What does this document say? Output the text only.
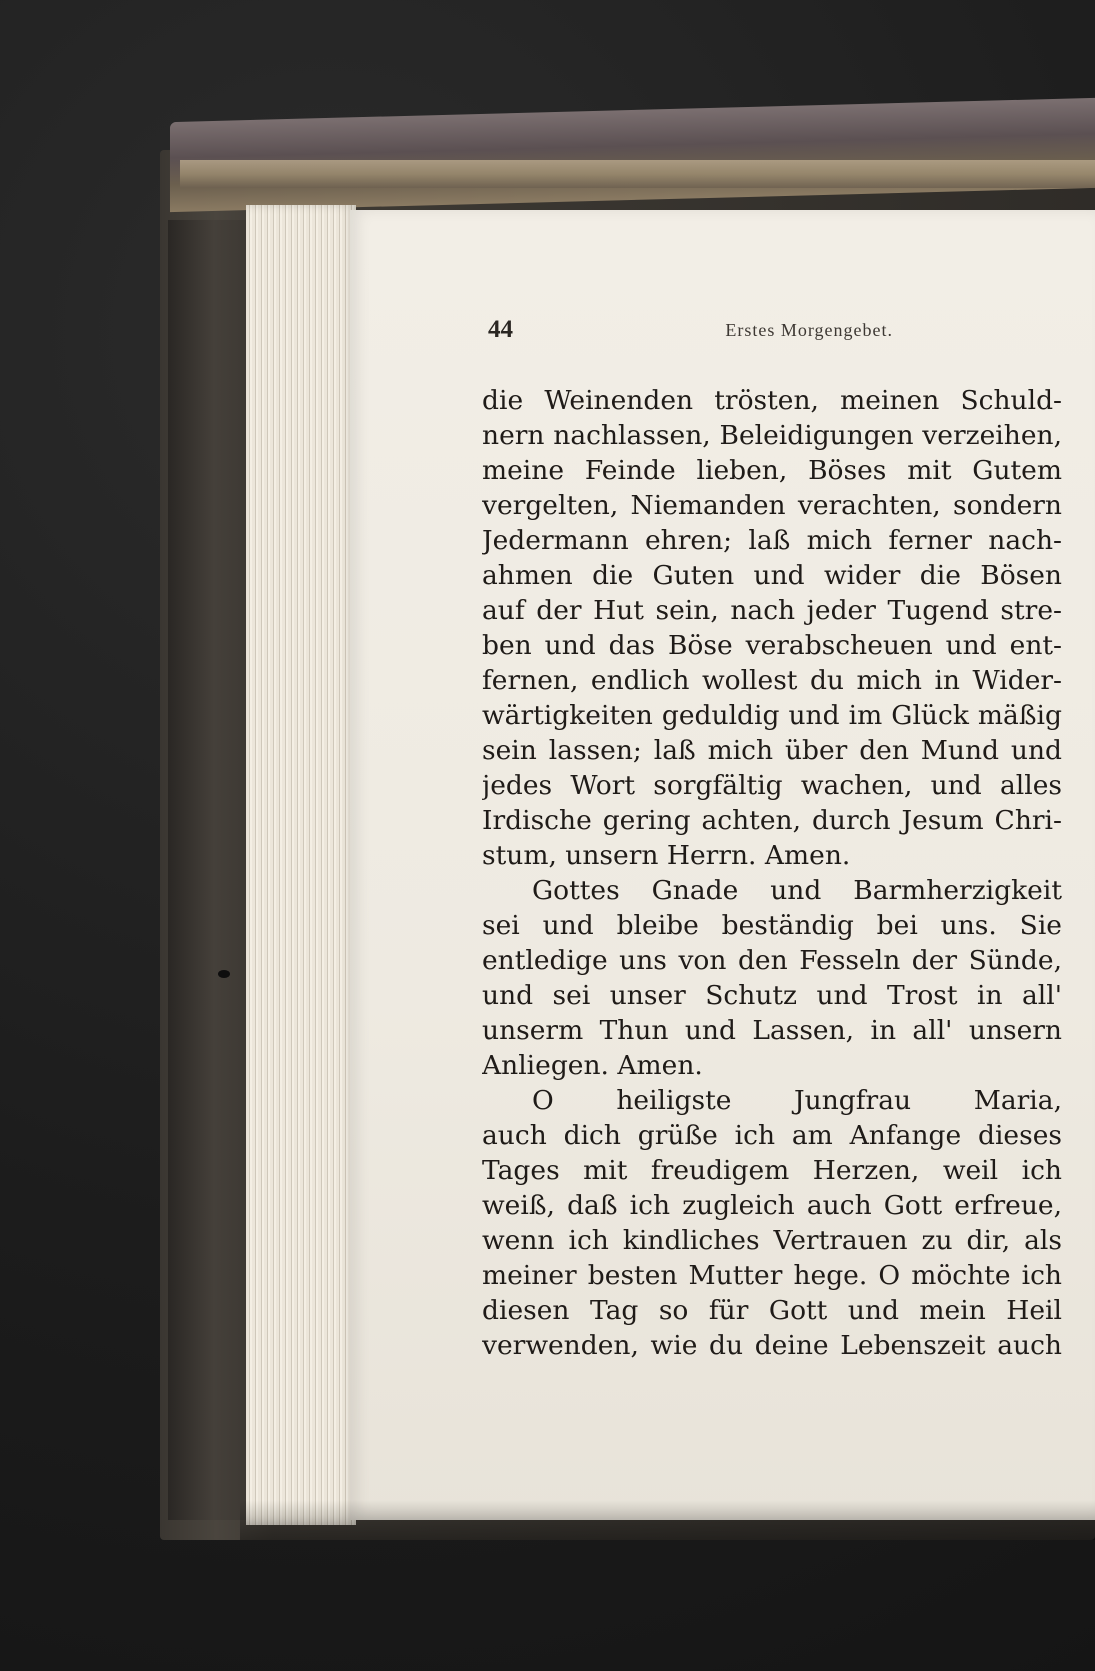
44	Erstes Morgengebet.
die Weinenden trösten, meinen Schuld-
nern nachlassen, Beleidigungen verzeihen,
meine Feinde lieben, Böses mit Gutem
vergelten, Niemanden verachten, sondern
Jedermann ehren; laß mich ferner nach-
ahmen die Guten und wider die Bösen
auf der Hut sein, nach jeder Tugend stre-
ben und das Böse verabscheuen und ent-
fernen, endlich wollest du mich in Wider-
wärtigkeiten geduldig und im Glück mäßig
sein lassen; laß mich über den Mund und
jedes Wort sorgfältig wachen, und alles
Irdische gering achten, durch Jesum Chri-
stum, unsern Herrn. Amen.
Gottes Gnade und Barmherzigkeit
sei und bleibe beständig bei uns. Sie
entledige uns von den Fesseln der Sünde,
und sei unser Schutz und Trost in all'
unserm Thun und Lassen, in all' unsern
Anliegen. Amen.
O heiligste Jungfrau Maria,
auch dich grüße ich am Anfange dieses
Tages mit freudigem Herzen, weil ich
weiß, daß ich zugleich auch Gott erfreue,
wenn ich kindliches Vertrauen zu dir, als
meiner besten Mutter hege. O möchte ich
diesen Tag so für Gott und mein Heil
verwenden, wie du deine Lebenszeit auch
